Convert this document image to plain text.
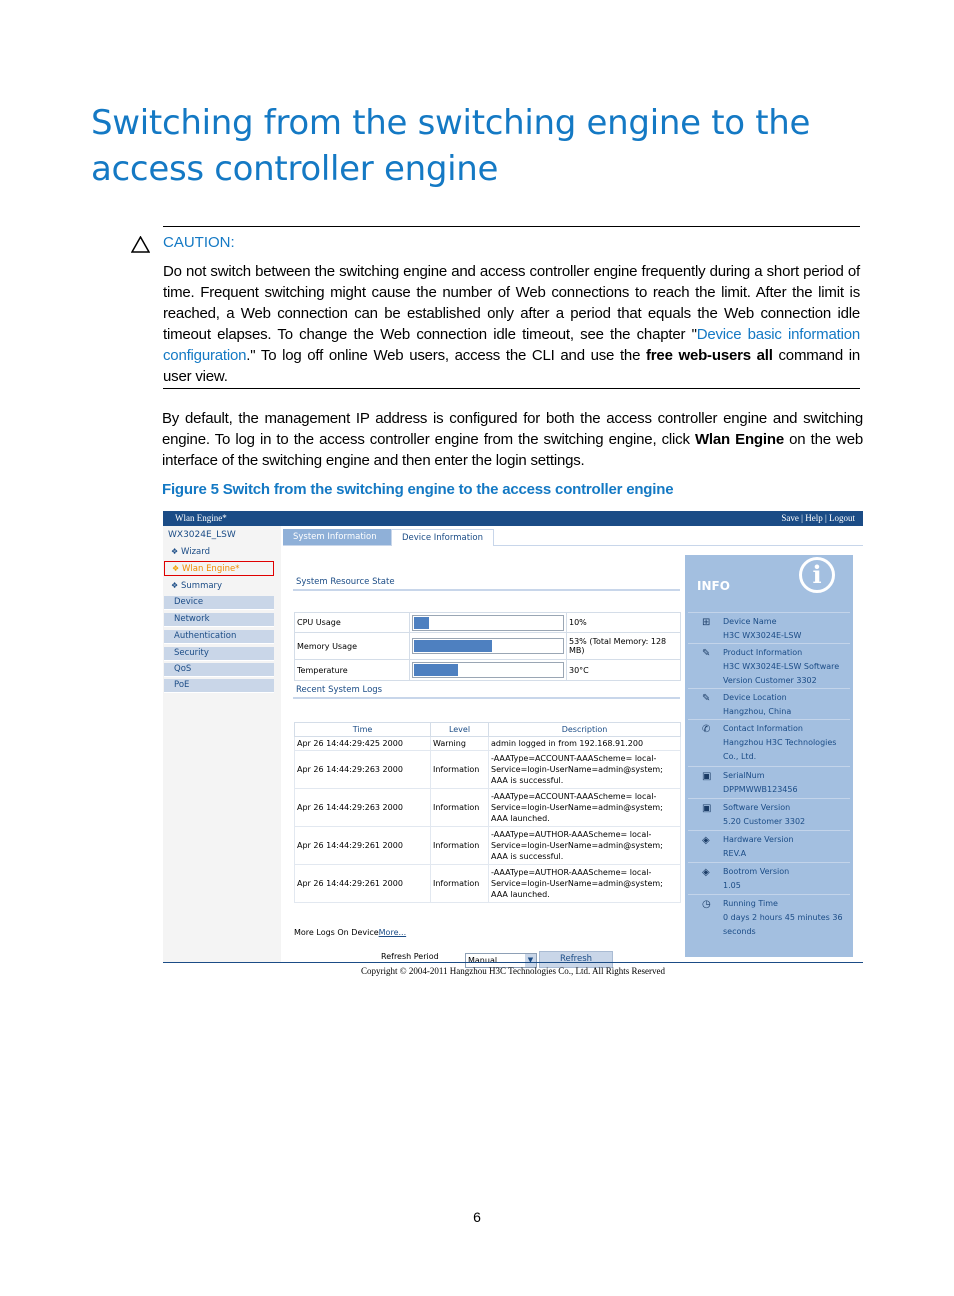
Switching from the switching engine to the access controller engine
CAUTION:
Do not switch between the switching engine and access controller engine frequently during a short period of time. Frequent switching might cause the number of Web connections to reach the limit. After the limit is reached, a Web connection can be established only after a period that equals the Web connection idle timeout elapses. To change the Web connection idle timeout, see the chapter "Device basic information configuration." To log off online Web users, access the CLI and use the free web-users all command in user view.

By default, the management IP address is configured for both the access controller engine and switching engine. To log in to the access controller engine from the switching engine, click Wlan Engine on the web interface of the switching engine and then enter the login settings.

Figure 5 Switch from the switching engine to the access controller engine
Wlan Engine*	Save | Help | Logout
WX3024E_LSW
❖ Wizard
❖ Wlan Engine*
❖ Summary
Device
Network
Authentication
Security
QoS
PoE
System Information	Device Information
System Resource State
CPU Usage		10%
Memory Usage		53% (Total Memory: 128 MB)
Temperature		30°C
Recent System Logs
Time	Level	Description
Apr 26 14:44:29:425 2000	Warning	admin logged in from 192.168.91.200
Apr 26 14:44:29:263 2000	Information	-AAAType=ACCOUNT-AAAScheme= local-Service=login-UserName=admin@system; AAA is successful.
Apr 26 14:44:29:263 2000	Information	-AAAType=ACCOUNT-AAAScheme= local-Service=login-UserName=admin@system; AAA launched.
Apr 26 14:44:29:261 2000	Information	-AAAType=AUTHOR-AAAScheme= local-Service=login-UserName=admin@system; AAA is successful.
Apr 26 14:44:29:261 2000	Information	-AAAType=AUTHOR-AAAScheme= local-Service=login-UserName=admin@system; AAA launched.
More Logs On DeviceMore...
Refresh Period	Manual	▼	Refresh
INFO	i
⊞ Device Name
H3C WX3024E-LSW
✎ Product Information
H3C WX3024E-LSW Software Version Customer 3302
✎ Device Location
Hangzhou, China
✆ Contact Information
Hangzhou H3C Technologies Co., Ltd.
▣ SerialNum
DPPMWWB123456
▣ Software Version
5.20 Customer 3302
◈ Hardware Version
REV.A
◈ Bootrom Version
1.05
◷ Running Time
0 days 2 hours 45 minutes 36 seconds
Copyright © 2004-2011 Hangzhou H3C Technologies Co., Ltd. All Rights Reserved
6
